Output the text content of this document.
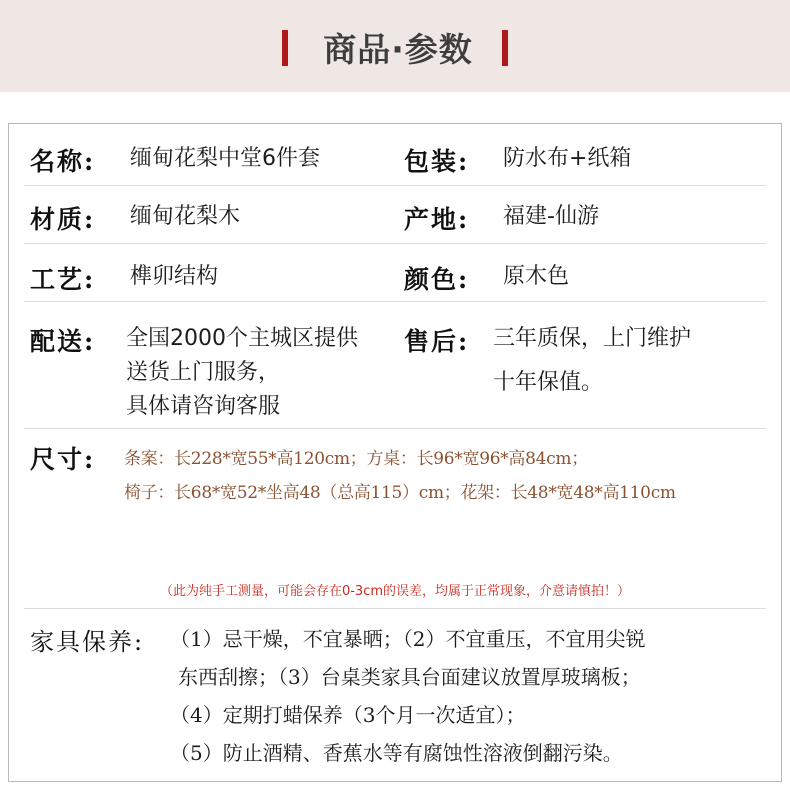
商品·参数
名称: 缅甸花梨中堂6件套	包装: 防水布+纸箱
材质: 缅甸花梨木	产地: 福建-仙游
工艺: 榫卯结构	颜色: 原木色
配送: 全国2000个主城区提供
送货上门服务，
具体请咨询客服
售后: 三年质保，上门维护
十年保值。
尺寸: 条案：长228*宽55*高120cm；方桌：长96*宽96*高84cm；
椅子：长68*宽52*坐高48（总高115）cm；花架：长48*宽48*高110cm
（此为纯手工测量，可能会存在0-3cm的误差，均属于正常现象，介意请慎拍！）
家具保养: （1）忌干燥，不宜暴晒；（2）不宜重压，不宜用尖锐
东西刮擦；（3）台桌类家具台面建议放置厚玻璃板；
（4）定期打蜡保养（3个月一次适宜）；
（5）防止酒精、香蕉水等有腐蚀性溶液倒翻污染。
